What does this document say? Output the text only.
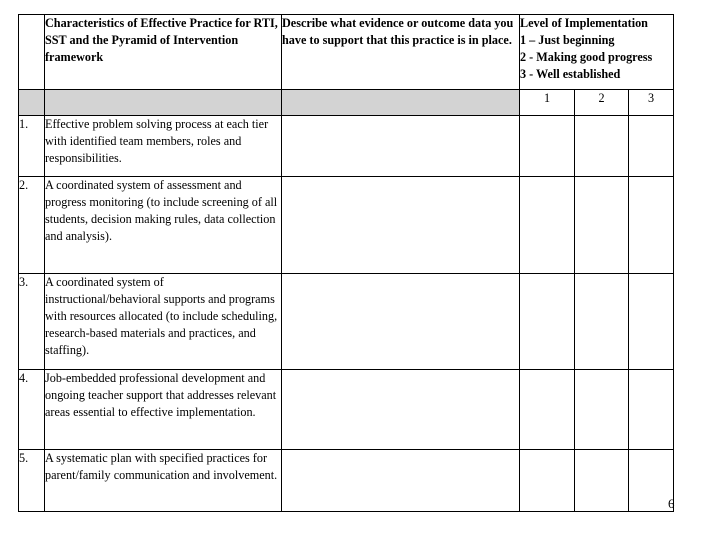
	Characteristics of Effective Practice for RTI, SST and the Pyramid of Intervention framework	Describe what evidence or outcome data you have to support that this practice is in place.	Level of Implementation
1 – Just beginning
2 - Making good progress
3 - Well established		

			1	2	3
1.	Effective problem solving process at each tier with identified team members, roles and responsibilities.				
2.	A coordinated system of assessment and progress monitoring (to include screening of all students, decision making rules, data collection and analysis).				
3.	A coordinated system of instructional/behavioral supports and programs with resources allocated (to include scheduling, research-based materials and practices, and staffing).				
4.	Job-embedded professional development and ongoing teacher support that addresses relevant areas essential to effective implementation.				
5.	A systematic plan with specified practices for parent/family communication and involvement.				
6
